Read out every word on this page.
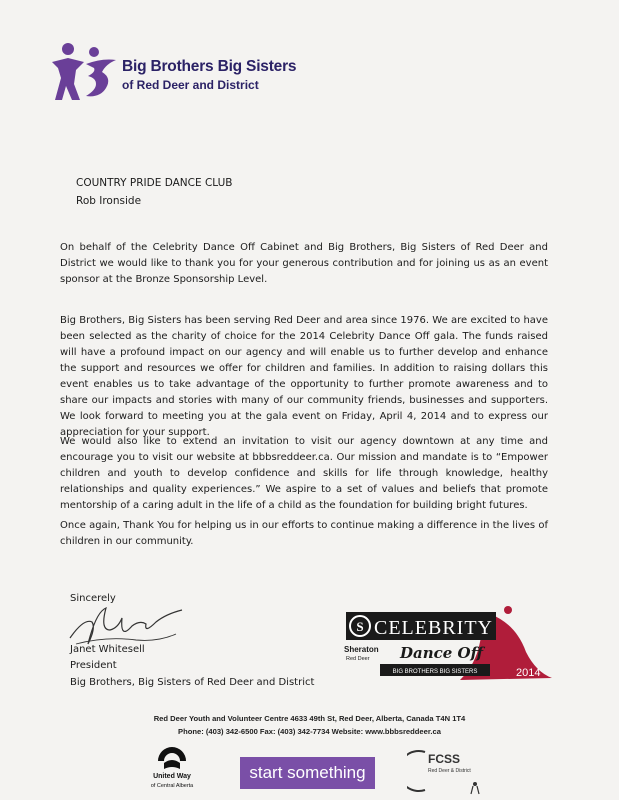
Big Brothers Big Sisters
of Red Deer and District
COUNTRY PRIDE DANCE CLUB
Rob Ironside
On behalf of the Celebrity Dance Off Cabinet and Big Brothers, Big Sisters of Red Deer and District we would like to thank you for your generous contribution and for joining us as an event sponsor at the Bronze Sponsorship Level.
Big Brothers, Big Sisters has been serving Red Deer and area since 1976. We are excited to have been selected as the charity of choice for the 2014 Celebrity Dance Off gala. The funds raised will have a profound impact on our agency and will enable us to further develop and enhance the support and resources we offer for children and families. In addition to raising dollars this event enables us to take advantage of the opportunity to further promote awareness and to share our impacts and stories with many of our community friends, businesses and supporters. We look forward to meeting you at the gala event on Friday, April 4, 2014 and to express our appreciation for your support.
We would also like to extend an invitation to visit our agency downtown at any time and encourage you to visit our website at bbbsreddeer.ca. Our mission and mandate is to “Empower children and youth to develop confidence and skills for life through knowledge, healthy relationships and quality experiences.” We aspire to a set of values and beliefs that promote mentorship of a caring adult in the life of a child as the foundation for building bright futures.
Once again, Thank You for helping us in our efforts to continue making a difference in the lives of children in our community.
Sincerely
Janet Whitesell
President
Big Brothers, Big Sisters of Red Deer and District
S CELEBRITY
Dance Off
Sheraton
Red Deer
BIG BROTHERS BIG SISTERS	2014
Red Deer Youth and Volunteer Centre 4633 49th St, Red Deer, Alberta, Canada T4N 1T4
Phone: (403) 342-6500 Fax: (403) 342-7734 Website: www.bbbsreddeer.ca
United Way
of Central Alberta
start something
FCSS
Red Deer & District
